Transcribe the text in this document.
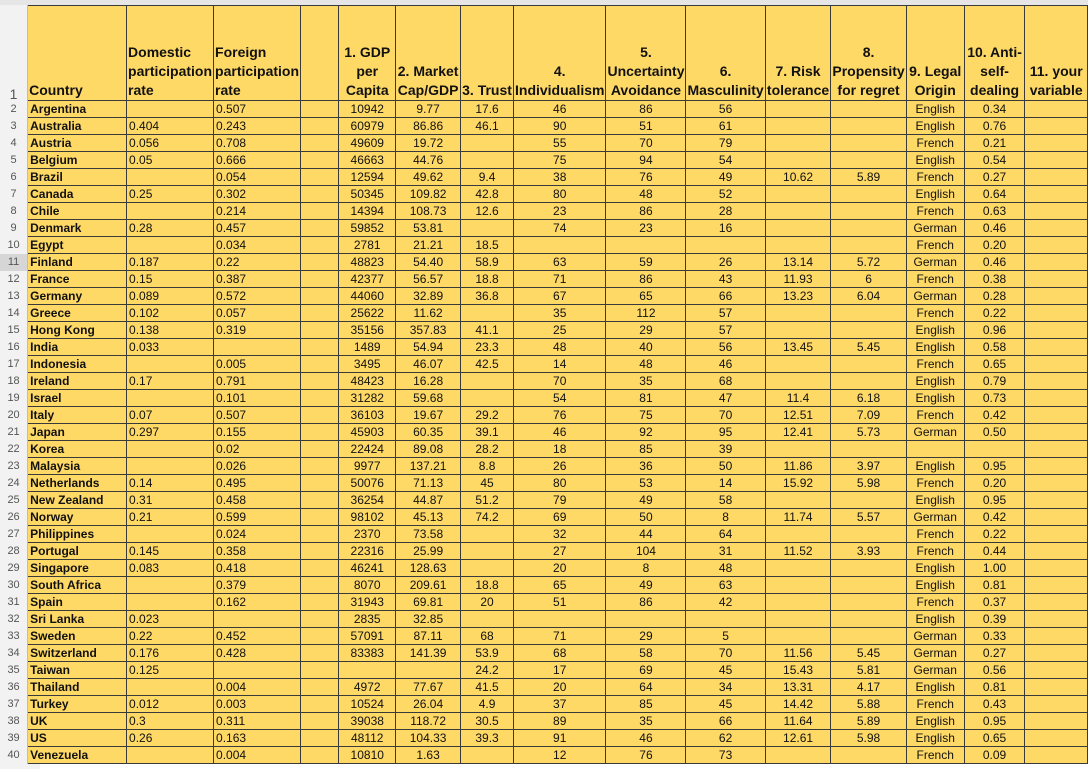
1	Country	Domestic participation rate	Foreign participation rate		1. GDP per Capita	2. Market Cap/GDP	3. Trust	4. Individualism	5. Uncertainty Avoidance	6. Masculinity	7. Risk tolerance	8. Propensity for regret	9. Legal Origin	10. Anti-self-dealing	11. your variable
2	Argentina		0.507		10942	9.77	17.6	46	86	56			English	0.34	
3	Australia	0.404	0.243		60979	86.86	46.1	90	51	61			English	0.76	
4	Austria	0.056	0.708		49609	19.72		55	70	79			French	0.21	
5	Belgium	0.05	0.666		46663	44.76		75	94	54			English	0.54	
6	Brazil		0.054		12594	49.62	9.4	38	76	49	10.62	5.89	French	0.27	
7	Canada	0.25	0.302		50345	109.82	42.8	80	48	52			English	0.64	
8	Chile		0.214		14394	108.73	12.6	23	86	28			French	0.63	
9	Denmark	0.28	0.457		59852	53.81		74	23	16			German	0.46	
10	Egypt		0.034		2781	21.21	18.5						French	0.20	
11	Finland	0.187	0.22		48823	54.40	58.9	63	59	26	13.14	5.72	German	0.46	
12	France	0.15	0.387		42377	56.57	18.8	71	86	43	11.93	6	French	0.38	
13	Germany	0.089	0.572		44060	32.89	36.8	67	65	66	13.23	6.04	German	0.28	
14	Greece	0.102	0.057		25622	11.62		35	112	57			French	0.22	
15	Hong Kong	0.138	0.319		35156	357.83	41.1	25	29	57			English	0.96	
16	India	0.033			1489	54.94	23.3	48	40	56	13.45	5.45	English	0.58	
17	Indonesia		0.005		3495	46.07	42.5	14	48	46			French	0.65	
18	Ireland	0.17	0.791		48423	16.28		70	35	68			English	0.79	
19	Israel		0.101		31282	59.68		54	81	47	11.4	6.18	English	0.73	
20	Italy	0.07	0.507		36103	19.67	29.2	76	75	70	12.51	7.09	French	0.42	
21	Japan	0.297	0.155		45903	60.35	39.1	46	92	95	12.41	5.73	German	0.50	
22	Korea		0.02		22424	89.08	28.2	18	85	39					
23	Malaysia		0.026		9977	137.21	8.8	26	36	50	11.86	3.97	English	0.95	
24	Netherlands	0.14	0.495		50076	71.13	45	80	53	14	15.92	5.98	French	0.20	
25	New Zealand	0.31	0.458		36254	44.87	51.2	79	49	58			English	0.95	
26	Norway	0.21	0.599		98102	45.13	74.2	69	50	8	11.74	5.57	German	0.42	
27	Philippines		0.024		2370	73.58		32	44	64			French	0.22	
28	Portugal	0.145	0.358		22316	25.99		27	104	31	11.52	3.93	French	0.44	
29	Singapore	0.083	0.418		46241	128.63		20	8	48			English	1.00	
30	South Africa		0.379		8070	209.61	18.8	65	49	63			English	0.81	
31	Spain		0.162		31943	69.81	20	51	86	42			French	0.37	
32	Sri Lanka	0.023			2835	32.85							English	0.39	
33	Sweden	0.22	0.452		57091	87.11	68	71	29	5			German	0.33	
34	Switzerland	0.176	0.428		83383	141.39	53.9	68	58	70	11.56	5.45	German	0.27	
35	Taiwan	0.125					24.2	17	69	45	15.43	5.81	German	0.56	
36	Thailand		0.004		4972	77.67	41.5	20	64	34	13.31	4.17	English	0.81	
37	Turkey	0.012	0.003		10524	26.04	4.9	37	85	45	14.42	5.88	French	0.43	
38	UK	0.3	0.311		39038	118.72	30.5	89	35	66	11.64	5.89	English	0.95	
39	US	0.26	0.163		48112	104.33	39.3	91	46	62	12.61	5.98	English	0.65	
40	Venezuela		0.004		10810	1.63		12	76	73			French	0.09	
